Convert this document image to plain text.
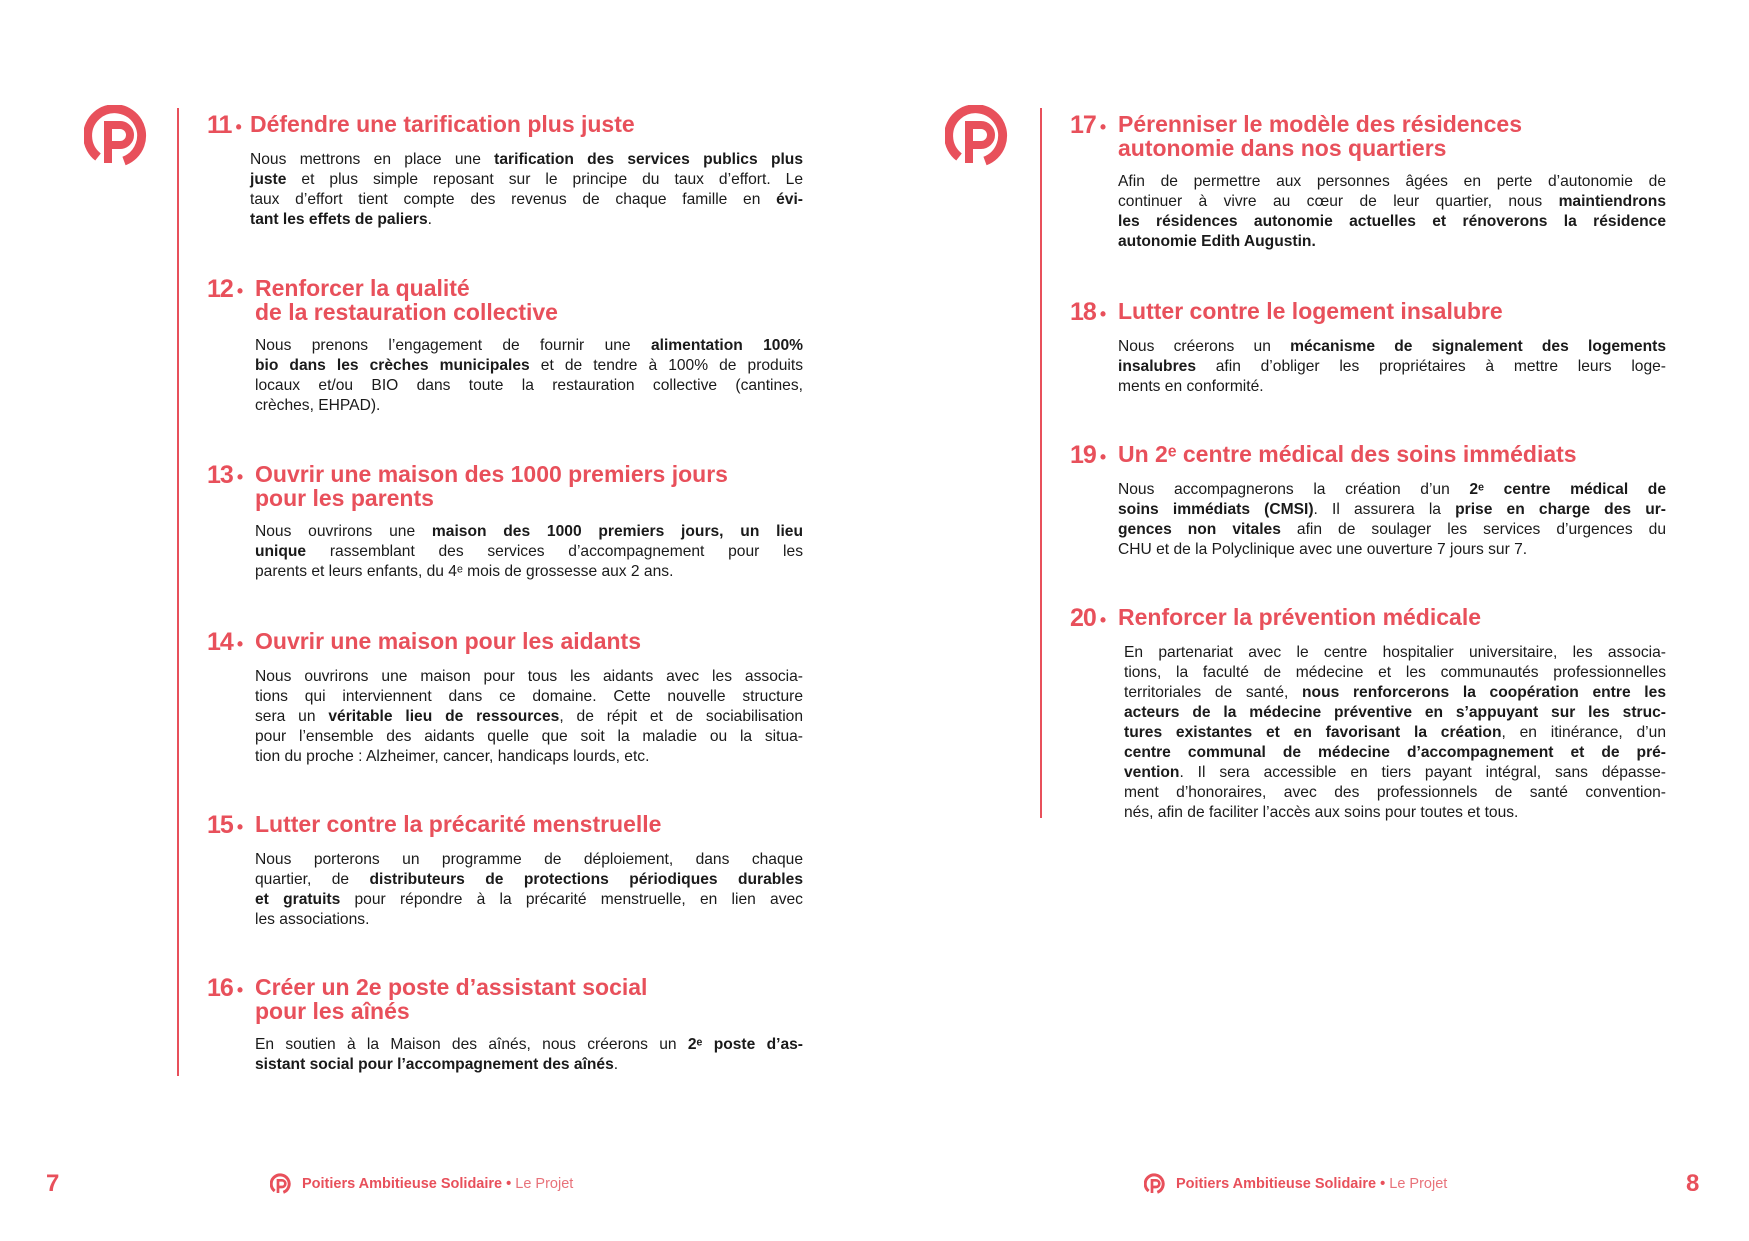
11 • Défendre une tarification plus juste
Nous mettrons en place une tarification des services publics plus
juste et plus simple reposant sur le principe du taux d’effort. Le
taux d’effort tient compte des revenus de chaque famille en évi-
tant les effets de paliers.
12 • Renforcer la qualité
de la restauration collective
Nous prenons l’engagement de fournir une alimentation 100%
bio dans les crèches municipales et de tendre à 100% de produits
locaux et/ou BIO dans toute la restauration collective (cantines,
crèches, EHPAD).
13 • Ouvrir une maison des 1000 premiers jours
pour les parents
Nous ouvrirons une maison des 1000 premiers jours, un lieu
unique rassemblant des services d’accompagnement pour les
parents et leurs enfants, du 4ᵉ mois de grossesse aux 2 ans.
14 • Ouvrir une maison pour les aidants
Nous ouvrirons une maison pour tous les aidants avec les associa-
tions qui interviennent dans ce domaine. Cette nouvelle structure
sera un véritable lieu de ressources, de répit et de sociabilisation
pour l’ensemble des aidants quelle que soit la maladie ou la situa-
tion du proche : Alzheimer, cancer, handicaps lourds, etc.
15 • Lutter contre la précarité menstruelle
Nous porterons un programme de déploiement, dans chaque
quartier, de distributeurs de protections périodiques durables
et gratuits pour répondre à la précarité menstruelle, en lien avec
les associations.
16 • Créer un 2e poste d’assistant social
pour les aînés
En soutien à la Maison des aînés, nous créerons un 2ᵉ poste d’as-
sistant social pour l’accompagnement des aînés.
17 • Pérenniser le modèle des résidences
autonomie dans nos quartiers
Afin de permettre aux personnes âgées en perte d’autonomie de
continuer à vivre au cœur de leur quartier, nous maintiendrons
les résidences autonomie actuelles et rénoverons la résidence
autonomie Edith Augustin.
18 • Lutter contre le logement insalubre
Nous créerons un mécanisme de signalement des logements
insalubres afin d’obliger les propriétaires à mettre leurs loge-
ments en conformité.
19 • Un 2ᵉ centre médical des soins immédiats
Nous accompagnerons la création d’un 2ᵉ centre médical de
soins immédiats (CMSI). Il assurera la prise en charge des ur-
gences non vitales afin de soulager les services d’urgences du
CHU et de la Polyclinique avec une ouverture 7 jours sur 7.
20 • Renforcer la prévention médicale
En partenariat avec le centre hospitalier universitaire, les associa-
tions, la faculté de médecine et les communautés professionnelles
territoriales de santé, nous renforcerons la coopération entre les
acteurs de la médecine préventive en s’appuyant sur les struc-
tures existantes et en favorisant la création, en itinérance, d’un
centre communal de médecine d’accompagnement et de pré-
vention. Il sera accessible en tiers payant intégral, sans dépasse-
ment d’honoraires, avec des professionnels de santé convention-
nés, afin de faciliter l’accès aux soins pour toutes et tous.
7	Poitiers Ambitieuse Solidaire • Le Projet	Poitiers Ambitieuse Solidaire • Le Projet	8
